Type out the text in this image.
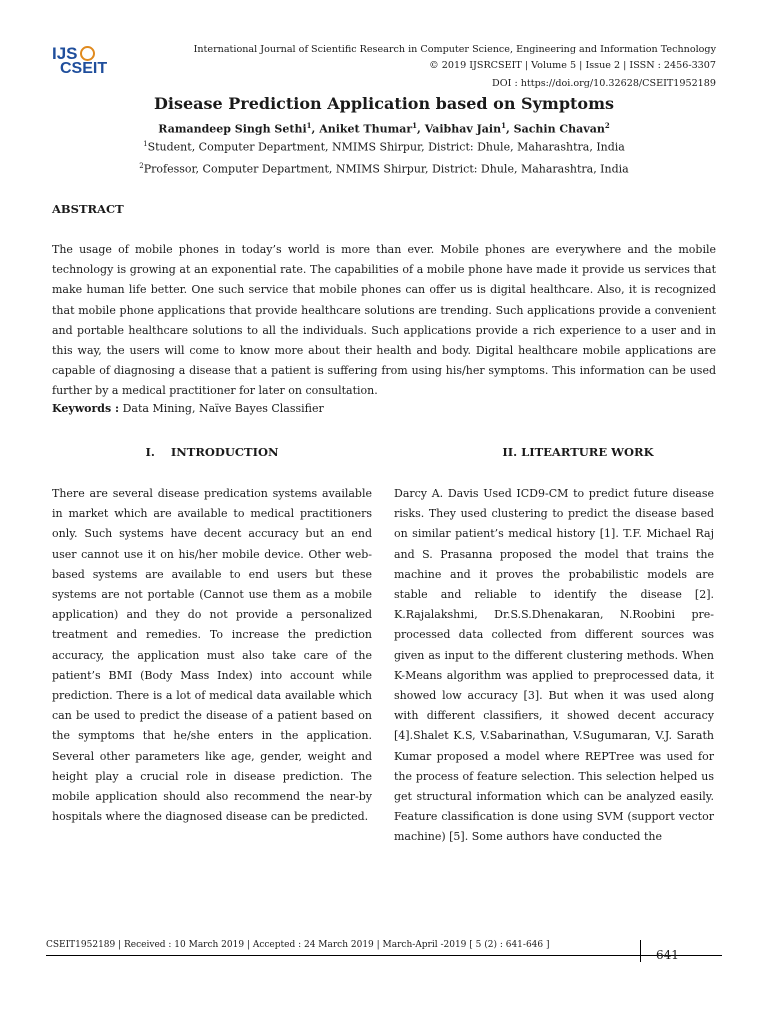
IJS
CSEIT
International Journal of Scientific Research in Computer Science, Engineering and Information Technology
© 2019 IJSRCSEIT | Volume 5 | Issue 2 | ISSN : 2456-3307
DOI : https://doi.org/10.32628/CSEIT1952189
Disease Prediction Application based on Symptoms
Ramandeep Singh Sethi$^1$, Aniket Thumar$^1$, Vaibhav Jain$^1$, Sachin Chavan$^2$
$^1$Student, Computer Department, NMIMS Shirpur, District: Dhule, Maharashtra, India
$^2$Professor, Computer Department, NMIMS Shirpur, District: Dhule, Maharashtra, India
ABSTRACT
The usage of mobile phones in today’s world is more than ever. Mobile phones are everywhere and the mobile technology is growing at an exponential rate. The capabilities of a mobile phone have made it provide us services that make human life better. One such service that mobile phones can offer us is digital healthcare. Also, it is recognized that mobile phone applications that provide healthcare solutions are trending. Such applications provide a convenient and portable healthcare solutions to all the individuals. Such applications provide a rich experience to a user and in this way, the users will come to know more about their health and body. Digital healthcare mobile applications are capable of diagnosing a disease that a patient is suffering from using his/her symptoms. This information can be used further by a medical practitioner for later on consultation.
Keywords : Data Mining, Naïve Bayes Classifier
I.    INTRODUCTION	II. LITEARTURE WORK
There are several disease predication systems available in market which are available to medical practitioners only. Such systems have decent accuracy but an end user cannot use it on his/her mobile device. Other web-based systems are available to end users but these systems are not portable (Cannot use them as a mobile application) and they do not provide a personalized treatment and remedies. To increase the prediction accuracy, the application must also take care of the patient’s BMI (Body Mass Index) into account while prediction. There is a lot of medical data available which can be used to predict the disease of a patient based on the symptoms that he/she enters in the application. Several other parameters like age, gender, weight and height play a crucial role in disease prediction. The mobile application should also recommend the near-by hospitals where the diagnosed disease can be predicted.
Darcy A. Davis Used ICD9-CM to predict future disease risks. They used clustering to predict the disease based on similar patient’s medical history [1]. T.F. Michael Raj and S. Prasanna proposed the model that trains the machine and it proves the probabilistic models are stable and reliable to identify the disease [2]. K.Rajalakshmi, Dr.S.S.Dhenakaran, N.Roobini pre-processed data collected from different sources was given as input to the different clustering methods. When K-Means algorithm was applied to preprocessed data, it showed low accuracy [3]. But when it was used along with different classifiers, it showed decent accuracy [4].Shalet K.S, V.Sabarinathan, V.Sugumaran, V.J. Sarath Kumar proposed a model where REPTree was used for the process of feature selection. This selection helped us get structural information which can be analyzed easily. Feature classification is done using SVM (support vector machine) [5]. Some authors have conducted the
CSEIT1952189 | Received : 10 March 2019 | Accepted : 24 March 2019 | March-April -2019 [ 5 (2) : 641-646 ]
641
